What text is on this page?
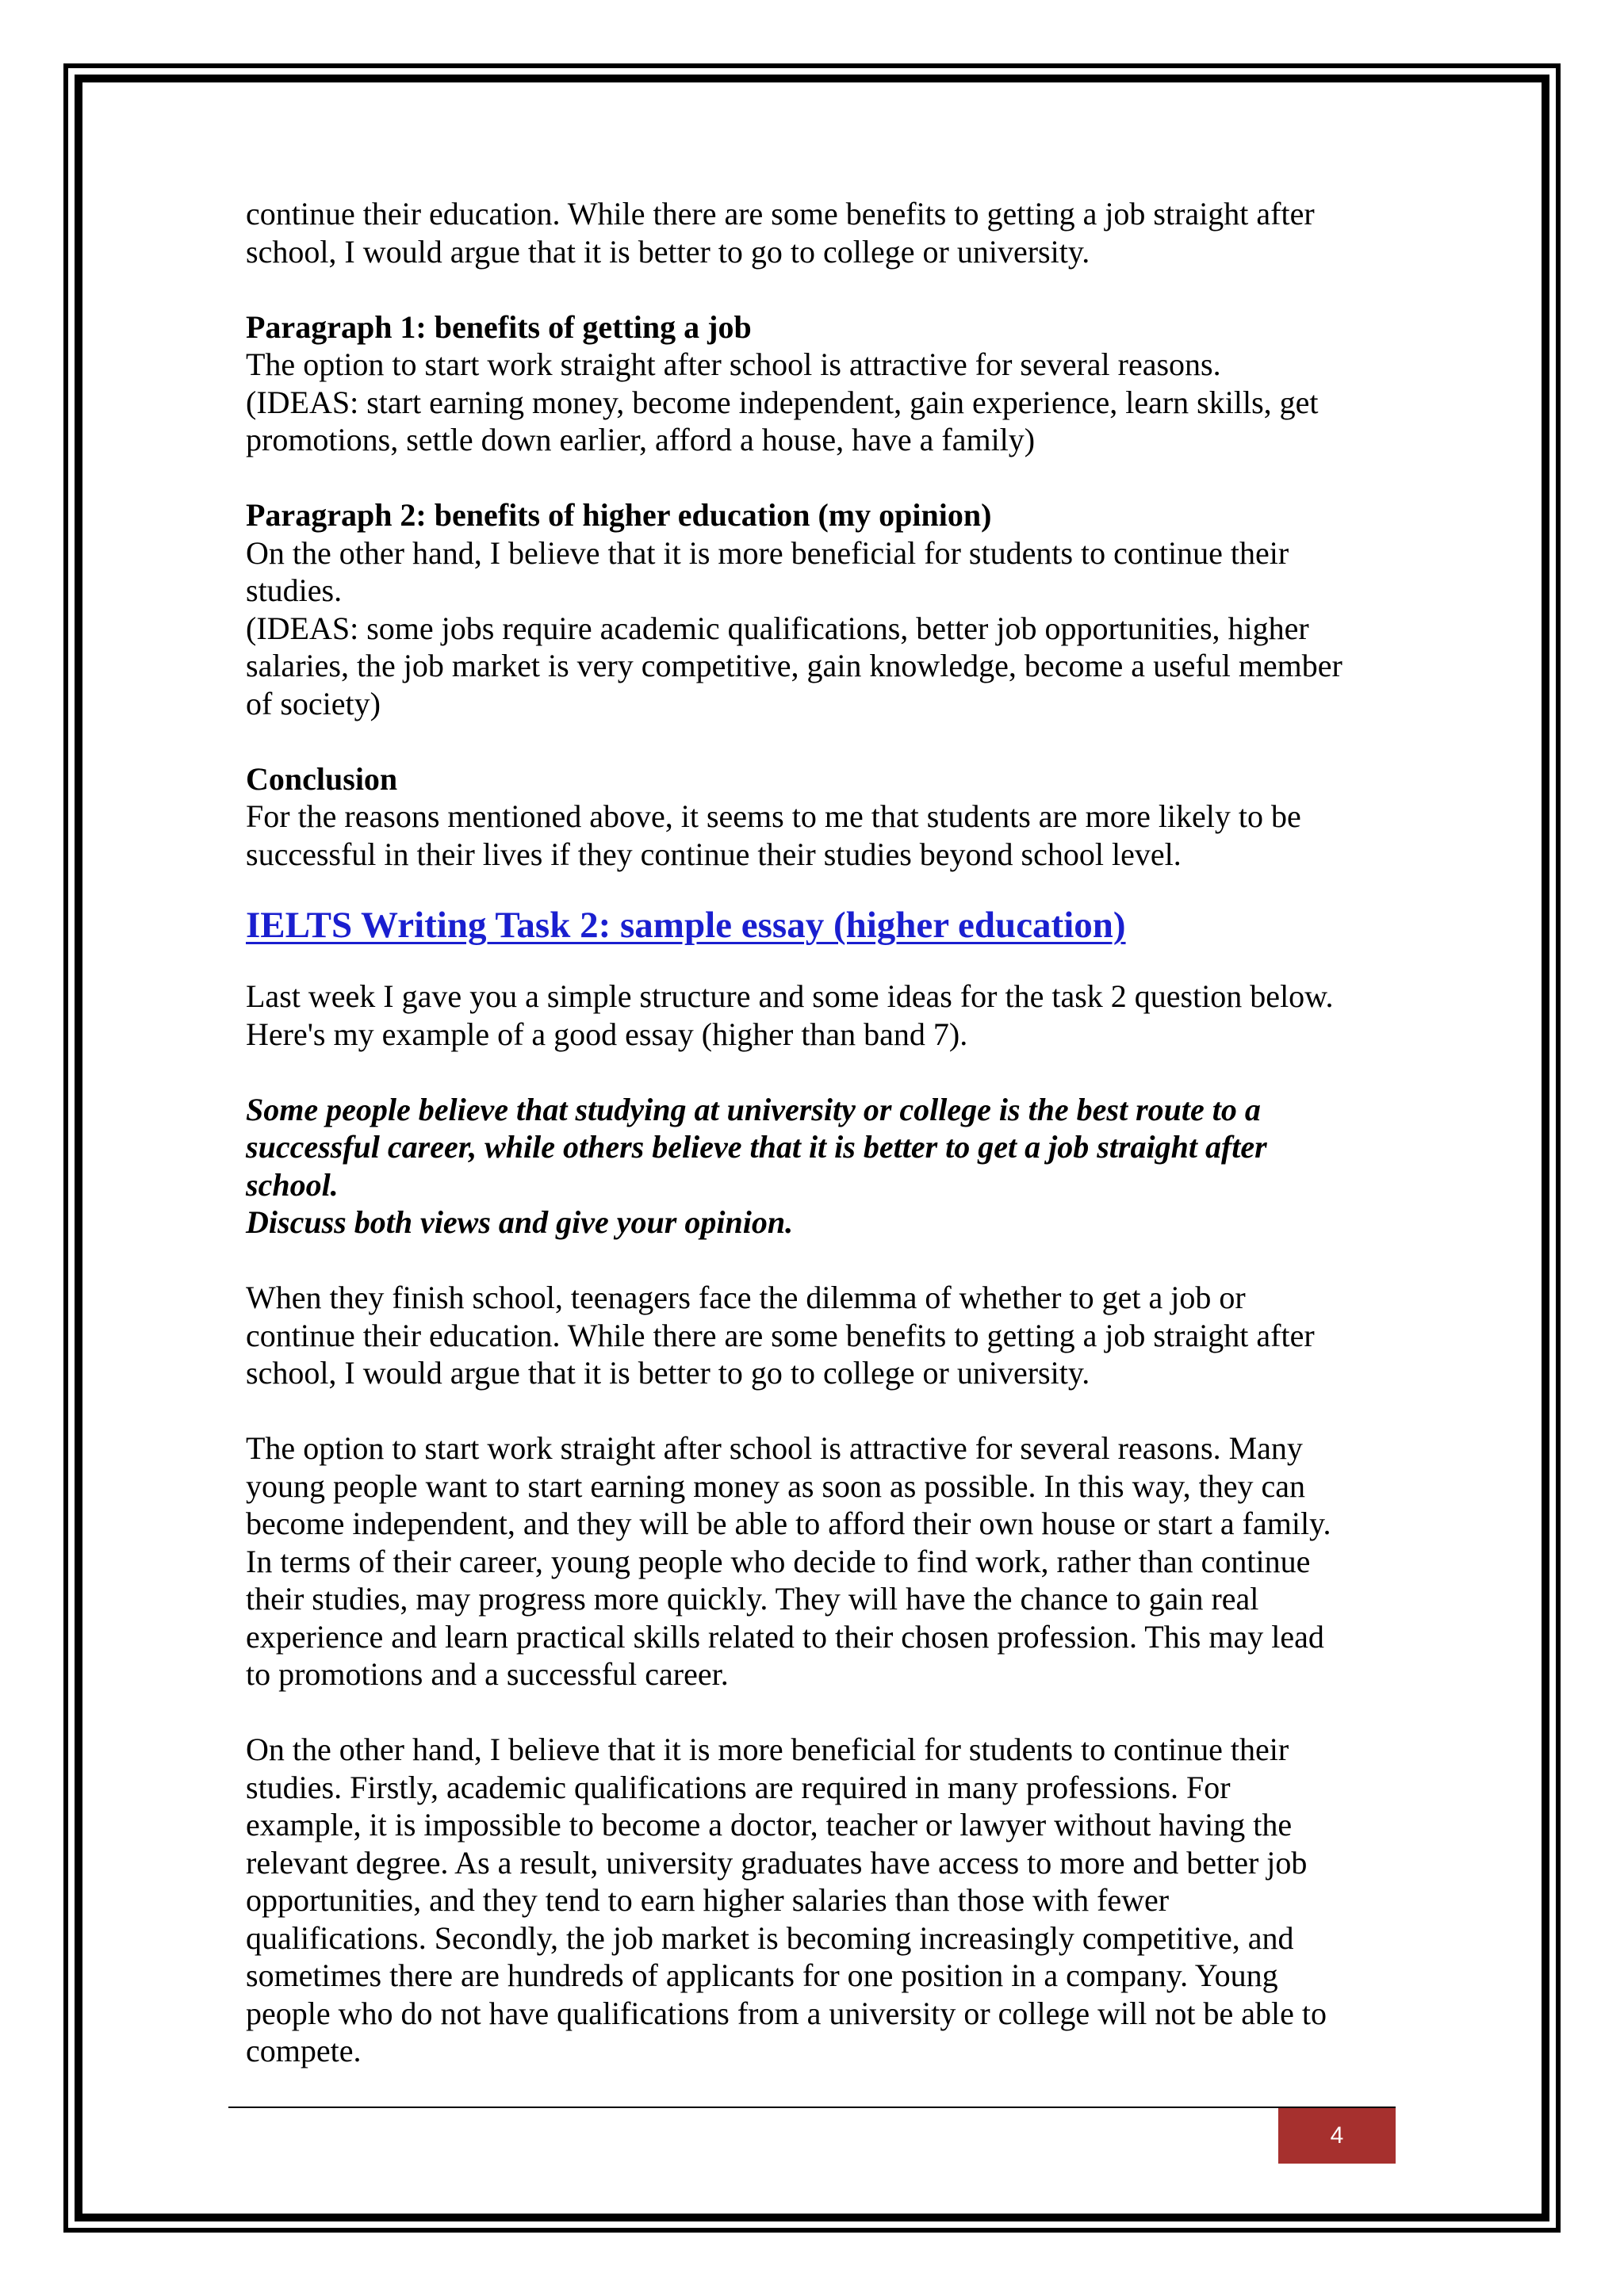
continue their education. While there are some benefits to getting a job straight after

school, I would argue that it is better to go to college or university.

Paragraph 1: benefits of getting a job

The option to start work straight after school is attractive for several reasons.

(IDEAS: start earning money, become independent, gain experience, learn skills, get

promotions, settle down earlier, afford a house, have a family)

Paragraph 2: benefits of higher education (my opinion)

On the other hand, I believe that it is more beneficial for students to continue their

studies.

(IDEAS: some jobs require academic qualifications, better job opportunities, higher

salaries, the job market is very competitive, gain knowledge, become a useful member

of society)

Conclusion

For the reasons mentioned above, it seems to me that students are more likely to be

successful in their lives if they continue their studies beyond school level.

IELTS Writing Task 2: sample essay (higher education)

Last week I gave you a simple structure and some ideas for the task 2 question below.

Here's my example of a good essay (higher than band 7).

Some people believe that studying at university or college is the best route to a

successful career, while others believe that it is better to get a job straight after

school.

Discuss both views and give your opinion.

When they finish school, teenagers face the dilemma of whether to get a job or

continue their education. While there are some benefits to getting a job straight after

school, I would argue that it is better to go to college or university.

The option to start work straight after school is attractive for several reasons. Many

young people want to start earning money as soon as possible. In this way, they can

become independent, and they will be able to afford their own house or start a family.

In terms of their career, young people who decide to find work, rather than continue

their studies, may progress more quickly. They will have the chance to gain real

experience and learn practical skills related to their chosen profession. This may lead

to promotions and a successful career.

On the other hand, I believe that it is more beneficial for students to continue their

studies. Firstly, academic qualifications are required in many professions. For

example, it is impossible to become a doctor, teacher or lawyer without having the

relevant degree. As a result, university graduates have access to more and better job

opportunities, and they tend to earn higher salaries than those with fewer

qualifications. Secondly, the job market is becoming increasingly competitive, and

sometimes there are hundreds of applicants for one position in a company. Young

people who do not have qualifications from a university or college will not be able to

compete.

4
